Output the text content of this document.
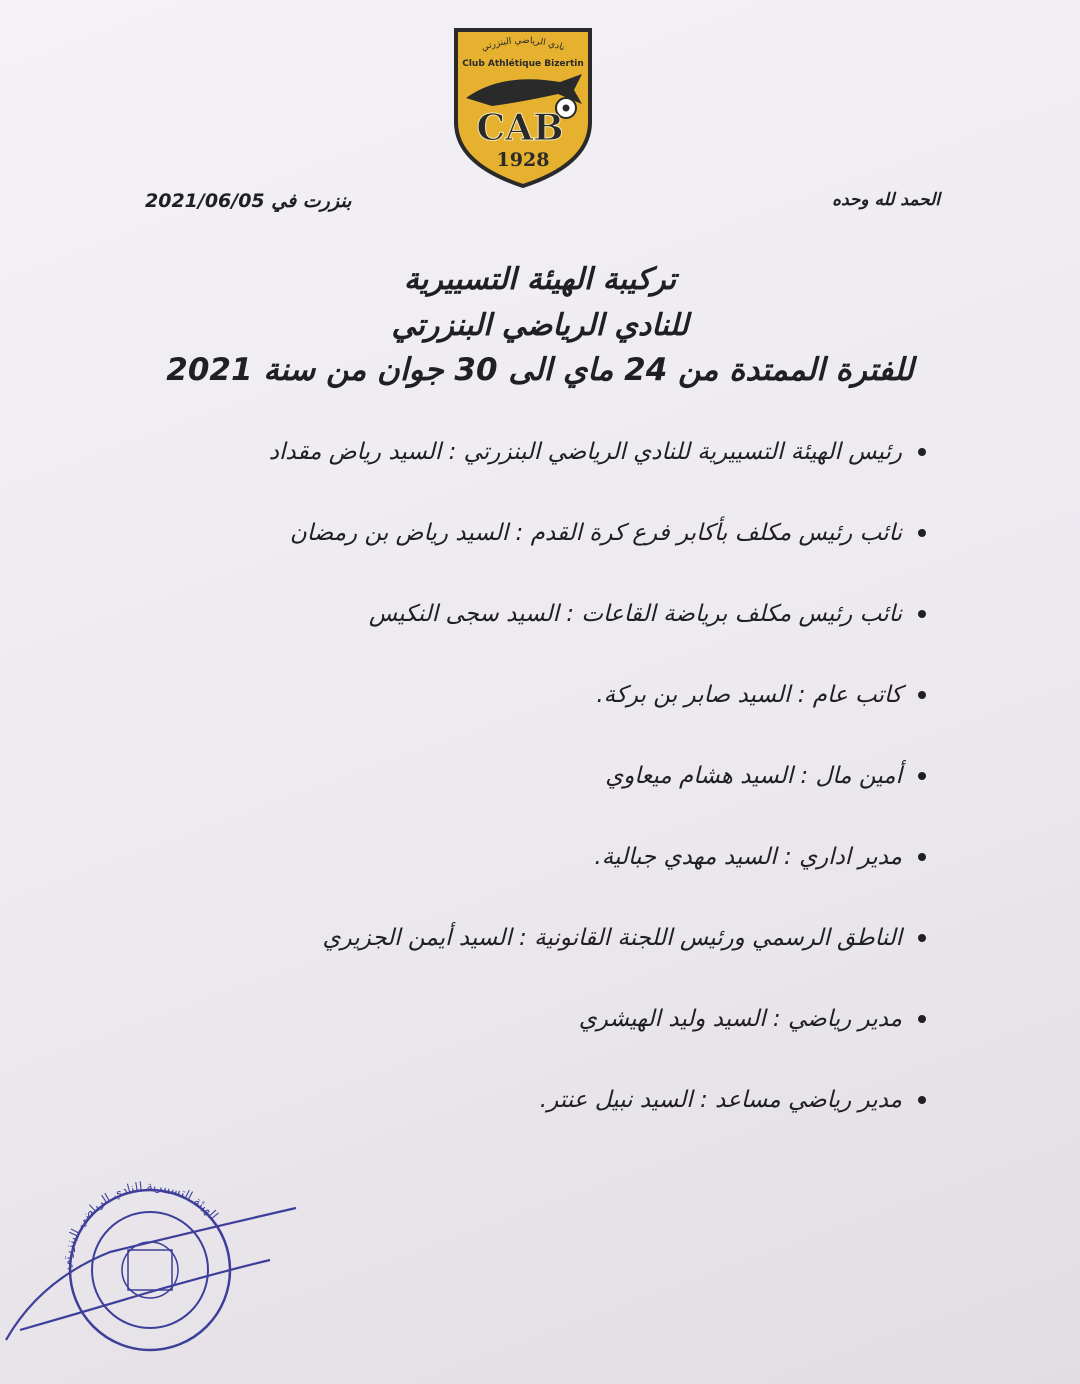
نادي الرياضي البنزرتي
Club Athlétique Bizertin
CAB
1928
الحمد لله وحده
بنزرت في 2021/06/05
تركيبة الهيئة التسييرية
للنادي الرياضي البنزرتي
للفترة الممتدة من 24 ماي الى 30 جوان من سنة 2021
رئيس الهيئة التسييرية للنادي الرياضي البنزرتي : السيد رياض مقداد
نائب رئيس مكلف بأكابر فرع كرة القدم : السيد رياض بن رمضان
نائب رئيس مكلف برياضة القاعات : السيد سجى النكيس
كاتب عام : السيد صابر بن بركة.
أمين مال : السيد هشام ميعاوي
مدير اداري : السيد مهدي جبالية.
الناطق الرسمي ورئيس اللجنة القانونية : السيد أيمن الجزيري
مدير رياضي : السيد وليد الهيشري
مدير رياضي مساعد : السيد نبيل عنتر.
الهيئة التسييرية للنادي الرياضي البنزرتي
